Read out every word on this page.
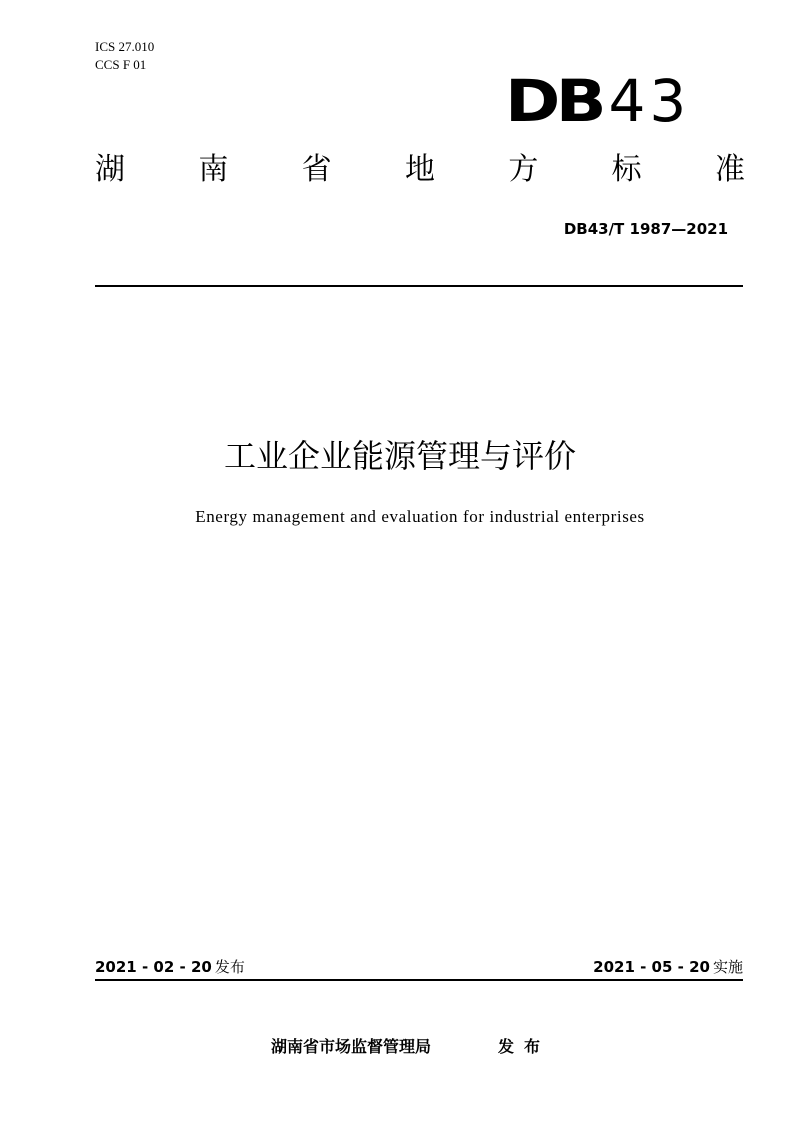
ICS 27.010
CCS F 01
DB 43
湖 南 省 地 方 标 准
DB43/T 1987—2021
工业企业能源管理与评价
Energy management and evaluation for industrial enterprises
2021 - 02 - 20 发布	2021 - 05 - 20 实施
湖南省市场监督管理局	发布
